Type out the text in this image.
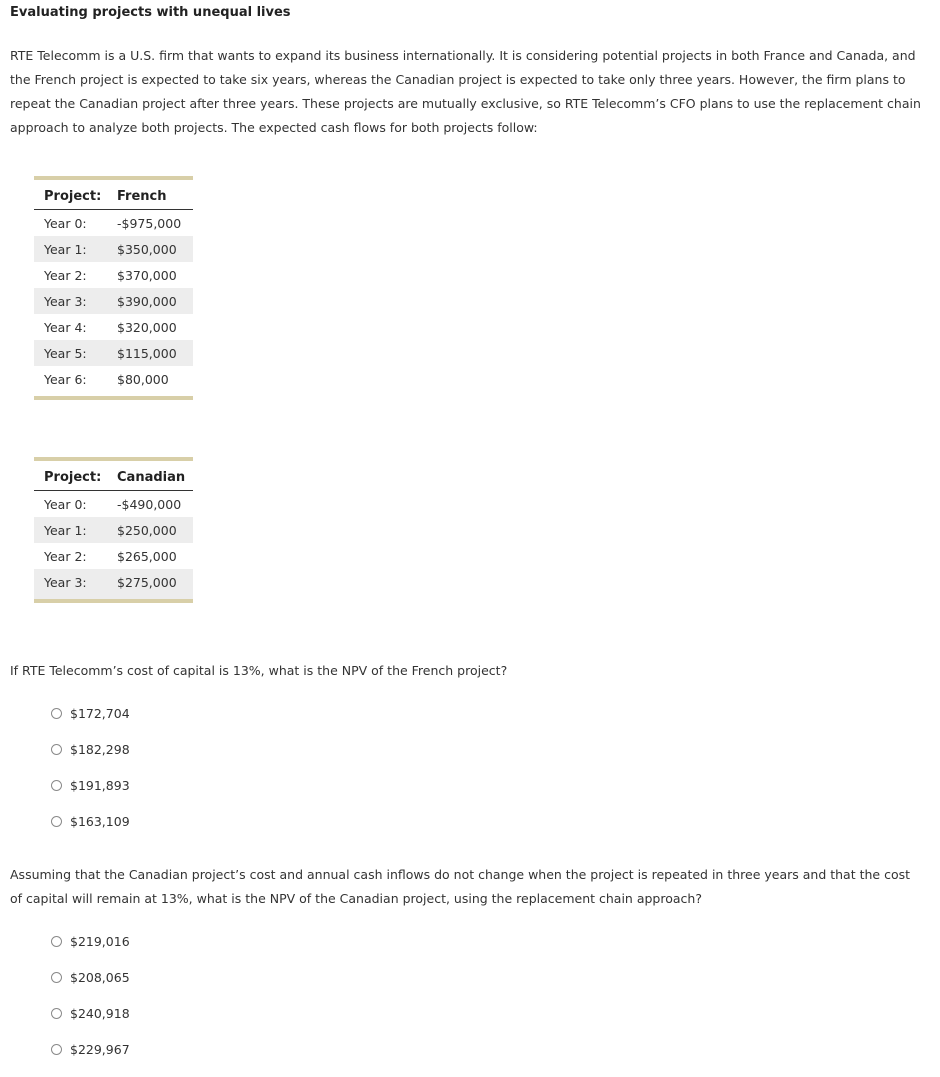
Evaluating projects with unequal lives
RTE Telecomm is a U.S. firm that wants to expand its business internationally. It is considering potential projects in both France and Canada, and the French project is expected to take six years, whereas the Canadian project is expected to take only three years. However, the firm plans to repeat the Canadian project after three years. These projects are mutually exclusive, so RTE Telecomm’s CFO plans to use the replacement chain approach to analyze both projects. The expected cash flows for both projects follow:
Project:	French
Year 0:	-$975,000
Year 1:	$350,000
Year 2:	$370,000
Year 3:	$390,000
Year 4:	$320,000
Year 5:	$115,000
Year 6:	$80,000
Project:	Canadian
Year 0:	-$490,000
Year 1:	$250,000
Year 2:	$265,000
Year 3:	$275,000
If RTE Telecomm’s cost of capital is 13%, what is the NPV of the French project?
$172,704
$182,298
$191,893
$163,109
Assuming that the Canadian project’s cost and annual cash inflows do not change when the project is repeated in three years and that the cost of capital will remain at 13%, what is the NPV of the Canadian project, using the replacement chain approach?
$219,016
$208,065
$240,918
$229,967
